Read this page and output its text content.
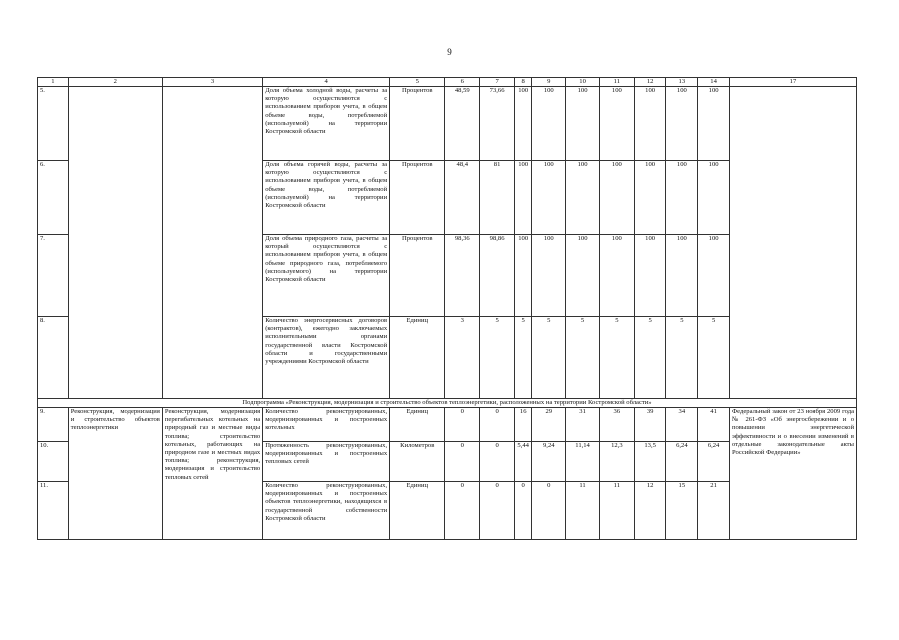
9
1	2	3	4	5	6	7	8	9	10	11	12	13	14	17
5.			Доля объема холодной воды, расчеты за которую осуществляются с использованием приборов учета, в общем объеме воды, потребляемой (используемой) на территории Костромской области	Процентов	48,59	73,66	100	100	100	100	100	100	100	
6.			Доля объема горячей воды, расчеты за которую осуществляются с использованием приборов учета, в общем объеме воды, потребляемой (используемой) на территории Костромской области	Процентов	48,4	81	100	100	100	100	100	100	100	
7.			Доля объема природного газа, расчеты за который осуществляются с использованием приборов учета, в общем объеме природного газа, потребляемого (используемого) на территории Костромской области	Процентов	98,36	98,86	100	100	100	100	100	100	100	
8.			Количество энергосервисных договоров (контрактов), ежегодно заключаемых исполнительными органами государственной власти Костромской области и государственными учреждениями Костромской области	Единиц	3	5	5	5	5	5	5	5	5	
Подпрограмма «Реконструкция, модернизация и строительство объектов теплоэнергетики, расположенных на территории Костромской области»														
9.	Реконструкция, модернизация и строительство объектов теплоэнергетики	Реконструкция, модернизация перегибательных котельных на природный газ и местные виды топлива; строительство котельных, работающих на природном газе и местных видах топлива; реконструкция, модернизация и строительство тепловых сетей	Количество реконструированных, модернизированных и построенных котельных	Единиц	0	0	16	29	31	36	39	34	41	Федеральный закон от 23 ноября 2009 года № 261-ФЗ «Об энергосбережении и о повышении энергетической эффективности и о внесении изменений в отдельные законодательные акты Российской Федерации»
10.			Протяженность реконструированных, модернизированных и построенных тепловых сетей	Километров	0	0	5,44	9,24	11,14	12,3	13,5	6,24	6,24	
11.			Количество реконструированных, модернизированных и построенных объектов теплоэнергетики, находящихся в государственной собственности Костромской области	Единиц	0	0	0	0	11	11	12	15	21	
